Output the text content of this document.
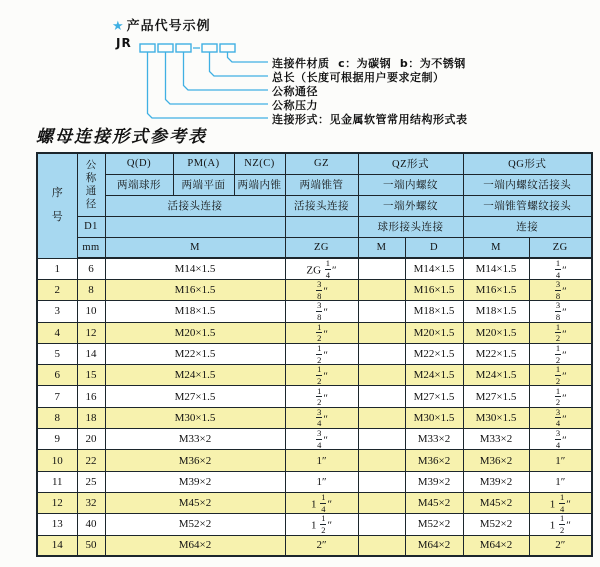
★ 产品代号示例
JR
连接件材质  c：为碳钢  b：为不锈钢
总长（长度可根据用户要求定制）
公称通径
公称压力
连接形式：见金属软管常用结构形式表
螺母连接形式参考表
序
号

公
称
通
径
	Q(D)	PM(A)	NZ(C)	GZ	QZ形式	QG形式
		两端球形	两端平面	两端内锥	两端锥管	一端内螺纹		一端内螺纹活接头	
		活接头连接			活接头连接	一端外螺纹		一端锥管螺纹接头	
	D1					球形接头连接		连接	
	mm	M			ZG	M	D	M	ZG
1	6	M14×1.5			ZG $\frac{1}{4}$ ″		M14×1.5	M14×1.5	$\frac{1}{4}$ ″
2	8	M16×1.5			$\frac{3}{8}$ ″		M16×1.5	M16×1.5	$\frac{3}{8}$ ″
3	10	M18×1.5			$\frac{3}{8}$ ″		M18×1.5	M18×1.5	$\frac{3}{8}$ ″
4	12	M20×1.5			$\frac{1}{2}$ ″		M20×1.5	M20×1.5	$\frac{1}{2}$ ″
5	14	M22×1.5			$\frac{1}{2}$ ″		M22×1.5	M22×1.5	$\frac{1}{2}$ ″
6	15	M24×1.5			$\frac{1}{2}$ ″		M24×1.5	M24×1.5	$\frac{1}{2}$ ″
7	16	M27×1.5			$\frac{1}{2}$ ″		M27×1.5	M27×1.5	$\frac{1}{2}$ ″
8	18	M30×1.5			$\frac{3}{4}$ ″		M30×1.5	M30×1.5	$\frac{3}{4}$ ″
9	20	M33×2			$\frac{3}{4}$ ″		M33×2	M33×2	$\frac{3}{4}$ ″
10	22	M36×2			1″		M36×2	M36×2	1″
11	25	M39×2			1″		M39×2	M39×2	1″
12	32	M45×2			$1 \frac{1}{4}$ ″		M45×2	M45×2	$1 \frac{1}{4}$ ″
13	40	M52×2			$1 \frac{1}{2}$ ″		M52×2	M52×2	$1 \frac{1}{2}$ ″
14	50	M64×2			2″		M64×2	M64×2	2″
